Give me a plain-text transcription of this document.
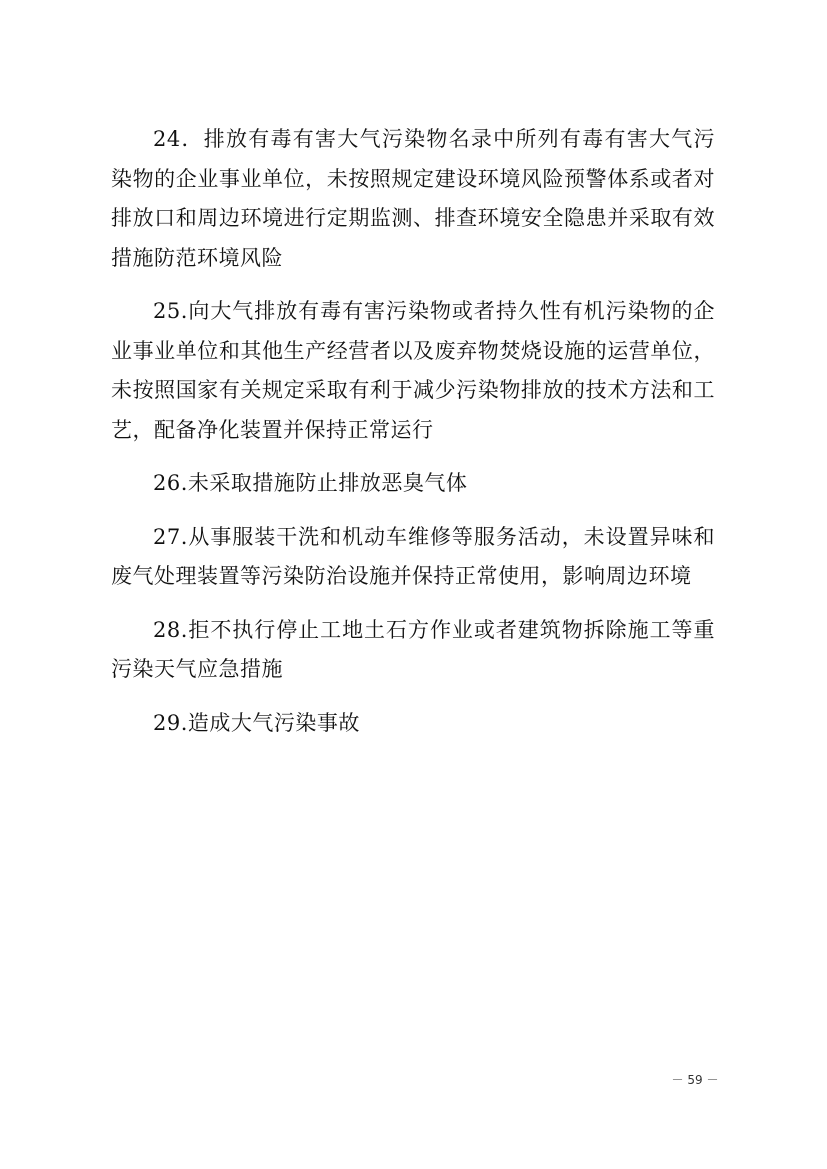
24．排放有毒有害大气污染物名录中所列有毒有害大气污染物的企业事业单位，未按照规定建设环境风险预警体系或者对排放口和周边环境进行定期监测、排查环境安全隐患并采取有效措施防范环境风险

25.向大气排放有毒有害污染物或者持久性有机污染物的企业事业单位和其他生产经营者以及废弃物焚烧设施的运营单位，未按照国家有关规定采取有利于减少污染物排放的技术方法和工艺，配备净化装置并保持正常运行

26.未采取措施防止排放恶臭气体

27.从事服装干洗和机动车维修等服务活动，未设置异味和废气处理装置等污染防治设施并保持正常使用，影响周边环境

28.拒不执行停止工地土石方作业或者建筑物拆除施工等重污染天气应急措施

29.造成大气污染事故

－ 59 －
